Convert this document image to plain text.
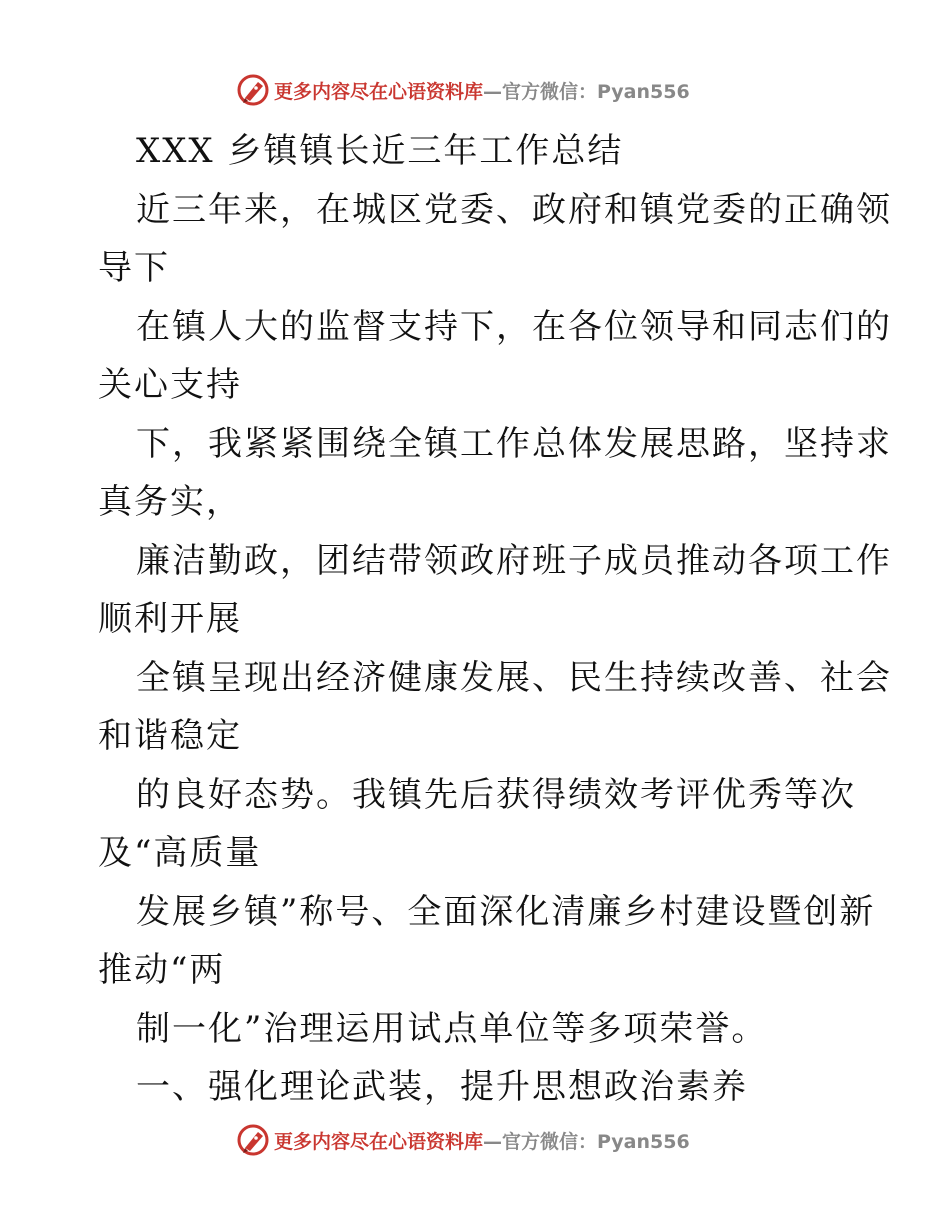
更多内容尽在心语资料库—官方微信：Pyan556
XXX 乡镇镇长近三年工作总结
近三年来，在城区党委、政府和镇党委的正确领
导下
在镇人大的监督支持下，在各位领导和同志们的
关心支持
下，我紧紧围绕全镇工作总体发展思路，坚持求
真务实，
廉洁勤政，团结带领政府班子成员推动各项工作
顺利开展
全镇呈现出经济健康发展、民生持续改善、社会
和谐稳定
的良好态势。我镇先后获得绩效考评优秀等次
及“高质量
发展乡镇”称号、全面深化清廉乡村建设暨创新
推动“两
制一化”治理运用试点单位等多项荣誉。
一、强化理论武装，提升思想政治素养
更多内容尽在心语资料库—官方微信：Pyan556
